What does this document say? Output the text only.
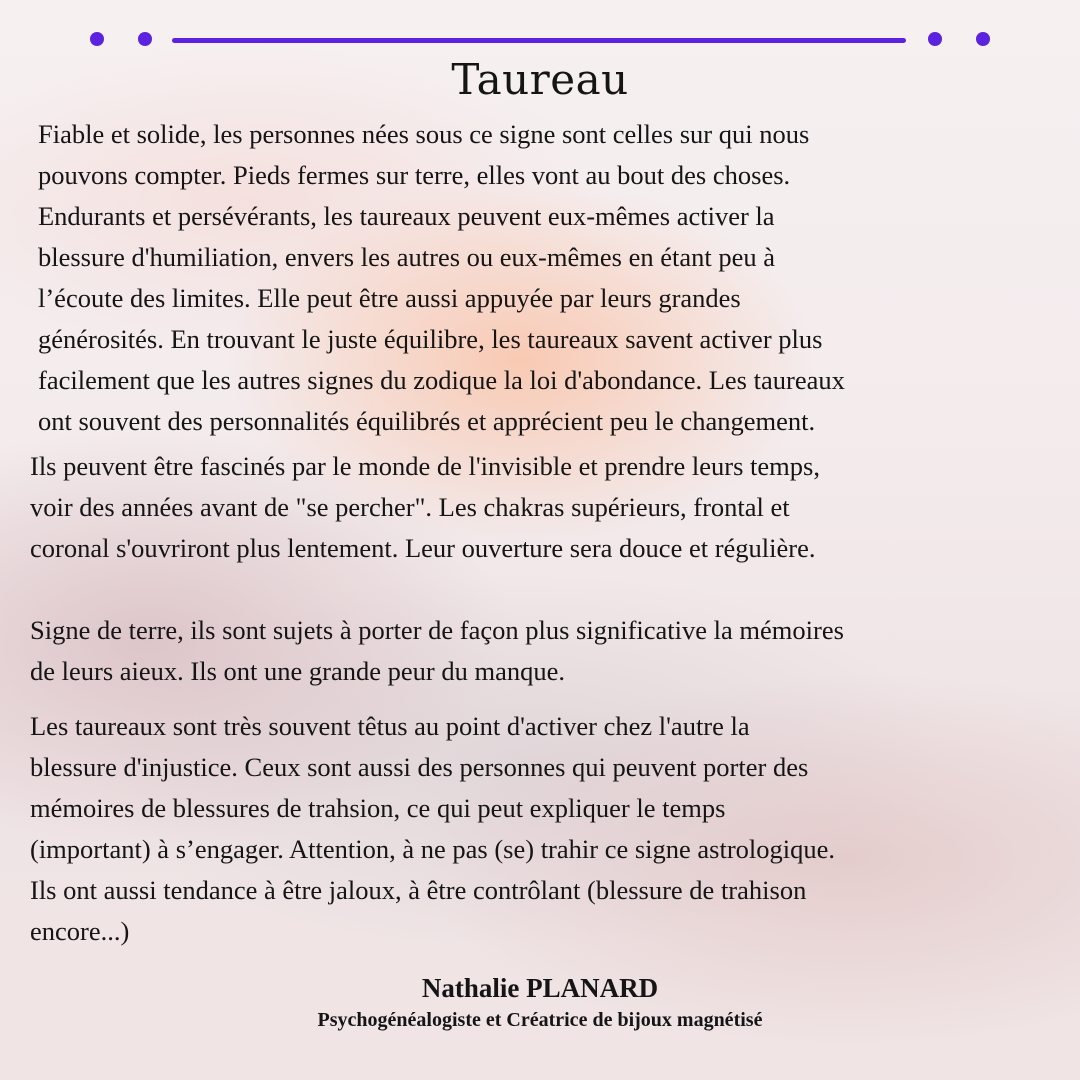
Taureau
Fiable et solide, les personnes nées sous ce signe sont celles sur qui nous
pouvons compter. Pieds fermes sur terre, elles vont au bout des choses.
Endurants et persévérants, les taureaux peuvent eux-mêmes activer la
blessure d'humiliation, envers les autres ou eux-mêmes en étant peu à
l’écoute des limites. Elle peut être aussi appuyée par leurs grandes
générosités. En trouvant le juste équilibre, les taureaux savent activer plus
facilement que les autres signes du zodique la loi d'abondance. Les taureaux
ont souvent des personnalités équilibrés et apprécient peu le changement.
Ils peuvent être fascinés par le monde de l'invisible et prendre leurs temps,
voir des années avant de "se percher". Les chakras supérieurs, frontal et
coronal s'ouvriront plus lentement. Leur ouverture sera douce et régulière.
Signe de terre, ils sont sujets à porter de façon plus significative la mémoires
de leurs aieux. Ils ont une grande peur du manque.
Les taureaux sont très souvent têtus au point d'activer chez l'autre la
blessure d'injustice. Ceux sont aussi des personnes qui peuvent porter des
mémoires de blessures de trahsion, ce qui peut expliquer le temps
(important) à s’engager. Attention, à ne pas (se) trahir ce signe astrologique.
Ils ont aussi tendance à être jaloux, à être contrôlant (blessure de trahison
encore...)
Nathalie PLANARD
Psychogénéalogiste et Créatrice de bijoux magnétisé
